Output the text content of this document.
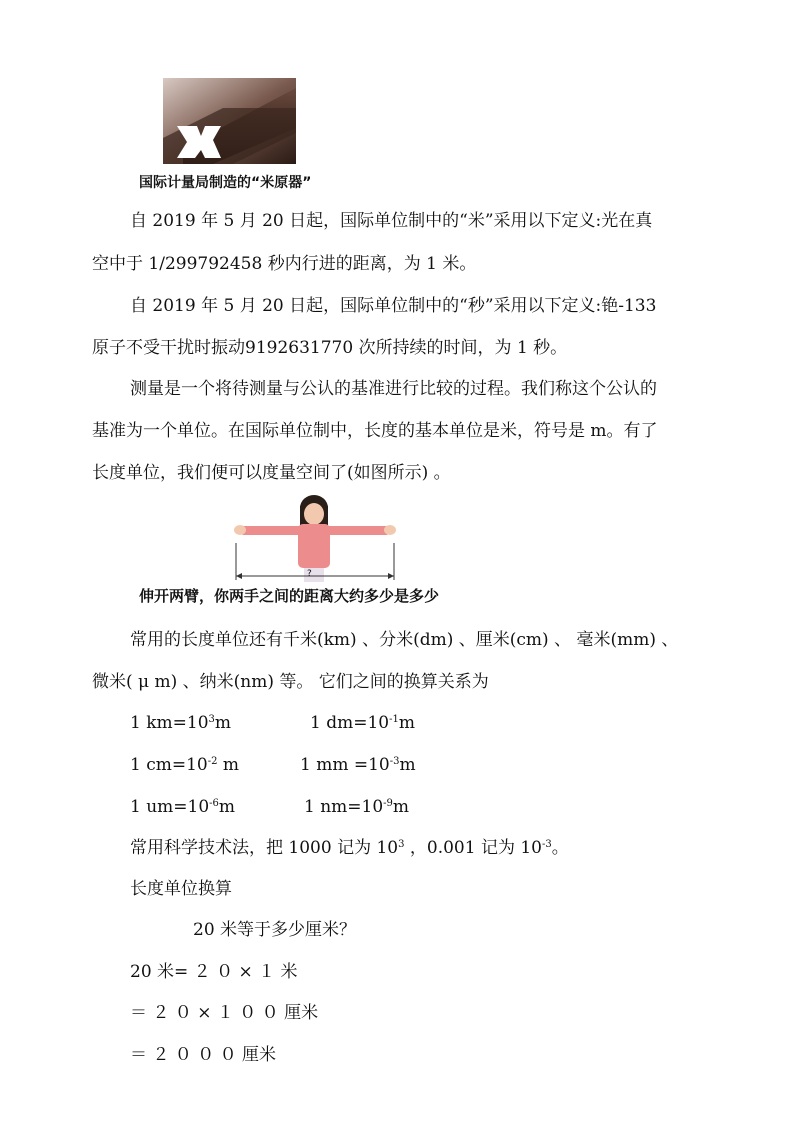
国际计量局制造的“米原器”
自 2019 年 5 月 20 日起，国际单位制中的“米”采用以下定义:光在真
空中于 1/299792458 秒内行进的距离，为 1 米。
自 2019 年 5 月 20 日起，国际单位制中的“秒”采用以下定义:铯-133
原子不受干扰时振动9192631770 次所持续的时间，为 1 秒。
测量是一个将待测量与公认的基准进行比较的过程。我们称这个公认的
基准为一个单位。在国际单位制中，长度的基本单位是米，符号是 m。有了
长度单位，我们便可以度量空间了(如图所示) 。
?
伸开两臂，你两手之间的距离大约多少是多少
常用的长度单位还有千米(km) 、分米(dm) 、厘米(cm) 、 毫米(mm) 、
微米( μ m) 、纳米(nm) 等。 它们之间的换算关系为
1 $km=10^3m$	1 $dm=10^{-1}m$
1 $cm=10^{-2}$ m	1 mm $=10^{-3}m$
1 $um=10^{-6}m$	1 $nm=10^{-9}m$
常用科学技术法，把 1000 记为 $10^3$ ，0.001 记为 $10^{-3}$。
长度单位换算
20 米等于多少厘米？
20 米= ２ ０ × １ 米
＝ ２ ０ × １ ０ ０ 厘米
＝ ２ ０ ０ ０ 厘米
